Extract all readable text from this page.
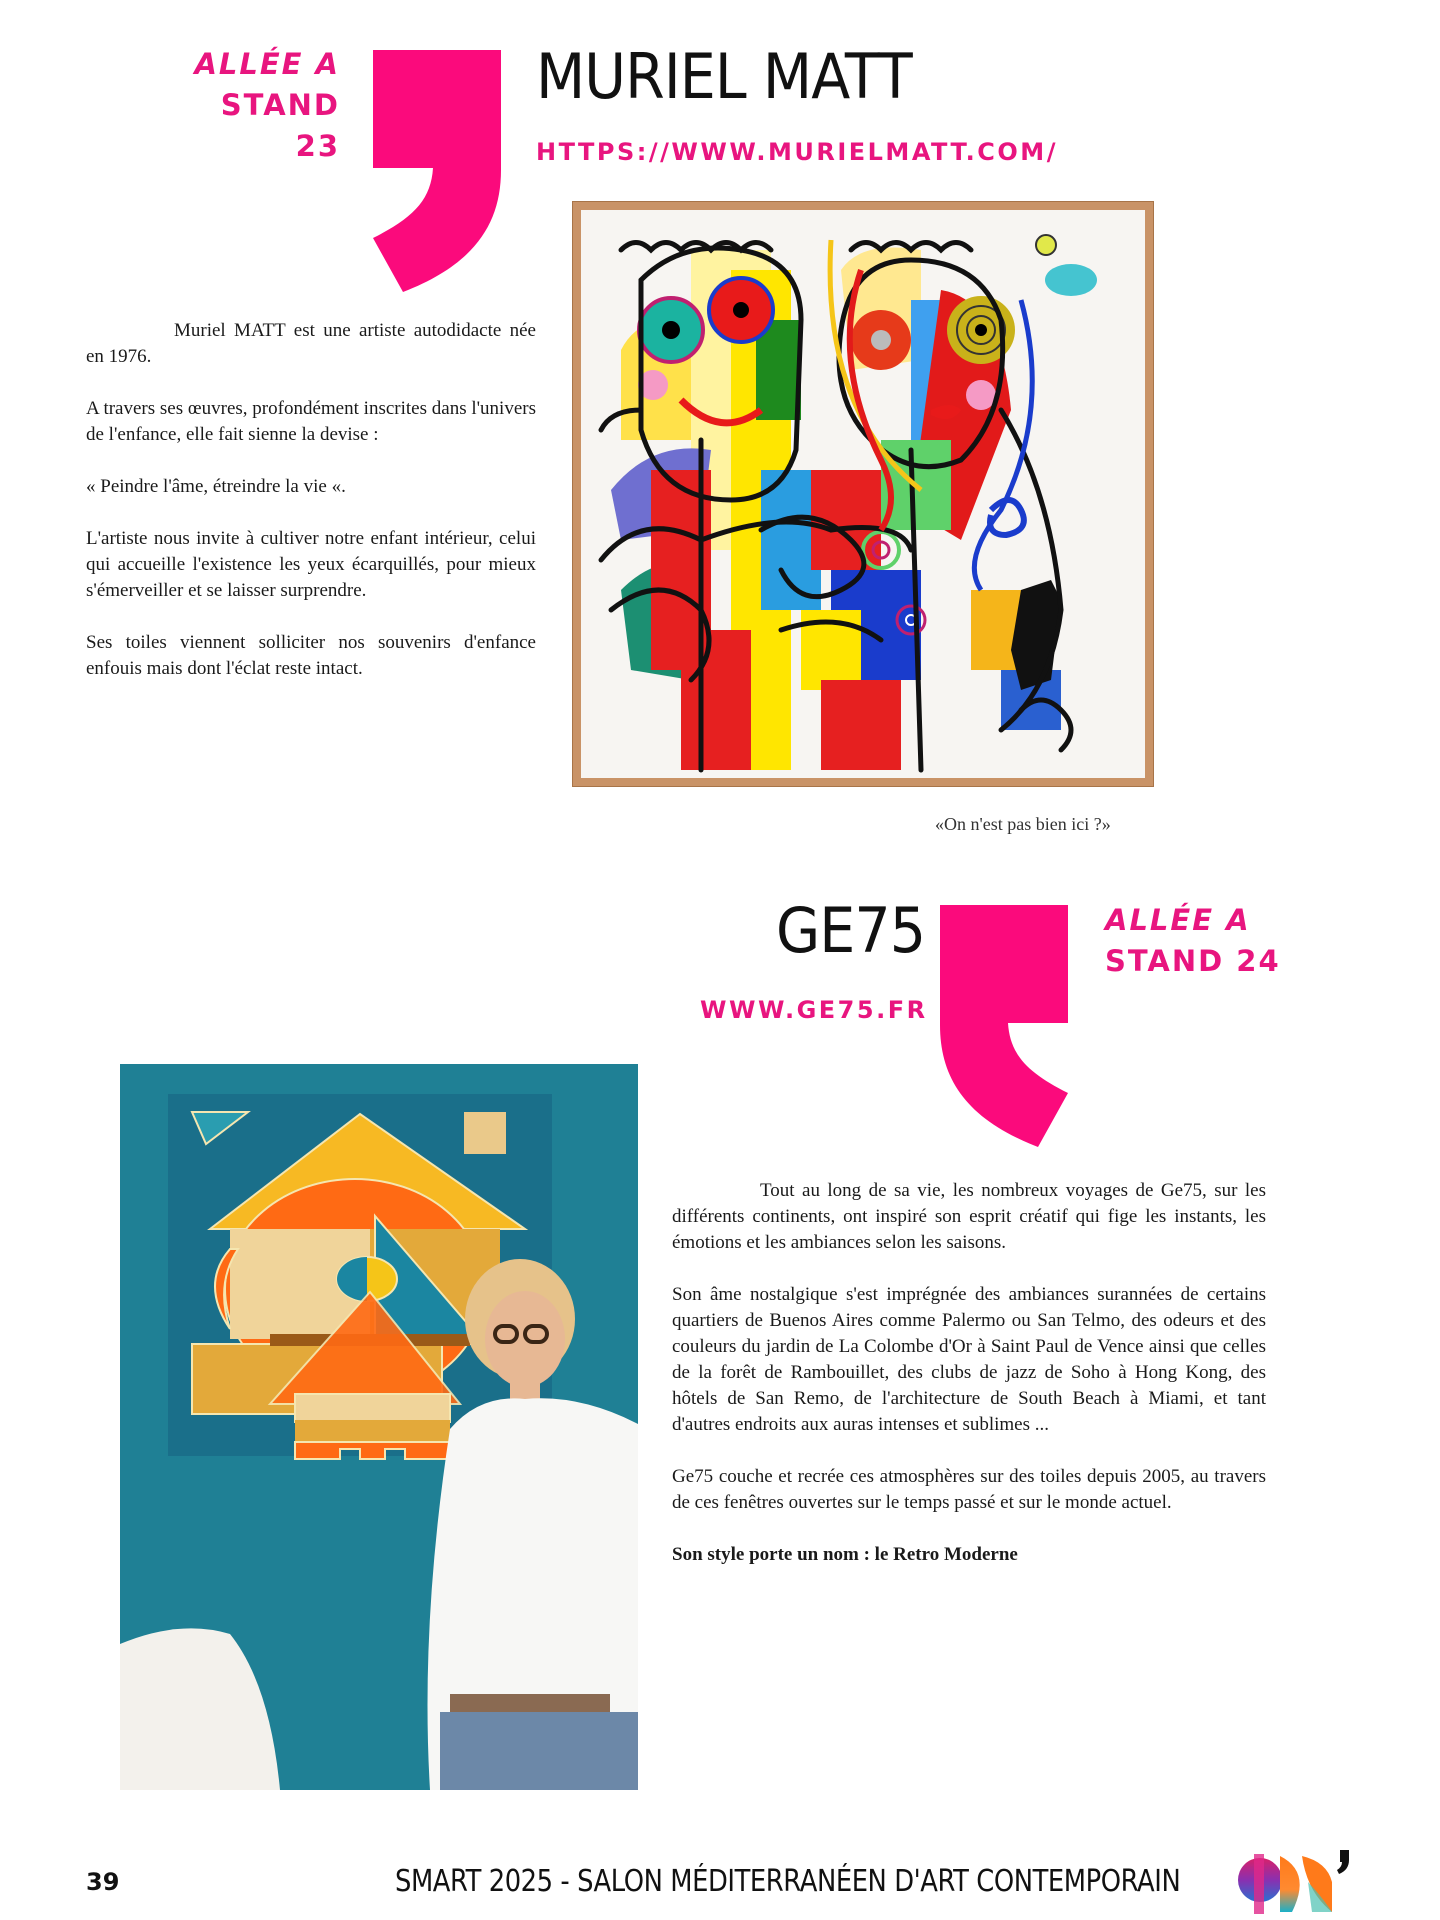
ALLÉE A
STAND 23
MURIEL MATT
HTTPS://WWW.MURIELMATT.COM/

Muriel MATT est une artiste autodidacte née en 1976.

A travers ses œuvres, profondément inscrites dans l'univers de l'enfance, elle fait sienne la devise :

« Peindre l'âme, étreindre la vie «.

L'artiste nous invite à cultiver notre enfant intérieur, celui qui accueille l'existence les yeux écarquillés, pour mieux s'émerveiller et se laisser surprendre.

Ses toiles viennent solliciter nos souvenirs d'enfance enfouis mais dont l'éclat reste intact.

«On n'est pas bien ici ?»
GE75
WWW.GE75.FR
ALLÉE A
STAND 24

Tout au long de sa vie, les nombreux voyages de Ge75, sur les différents continents, ont inspiré son esprit créatif qui fige les instants, les émotions et les ambiances selon les saisons.

Son âme nostalgique s'est imprégnée des ambiances surannées de certains quartiers de Buenos Aires comme Palermo ou San Telmo, des odeurs et des couleurs du jardin de La Colombe d'Or à Saint Paul de Vence ainsi que celles de la forêt de Rambouillet, des clubs de jazz de Soho à Hong Kong, des hôtels de San Remo, de l'architecture de South Beach à Miami, et tant d'autres endroits aux auras intenses et sublimes ...

Ge75 couche et recrée ces atmosphères sur des toiles depuis 2005, au travers de ces fenêtres ouvertes sur le temps passé et sur le monde actuel.

Son style porte un nom : le Retro Moderne

39	SMART 2025 - SALON MÉDITERRANÉEN D'ART CONTEMPORAIN
